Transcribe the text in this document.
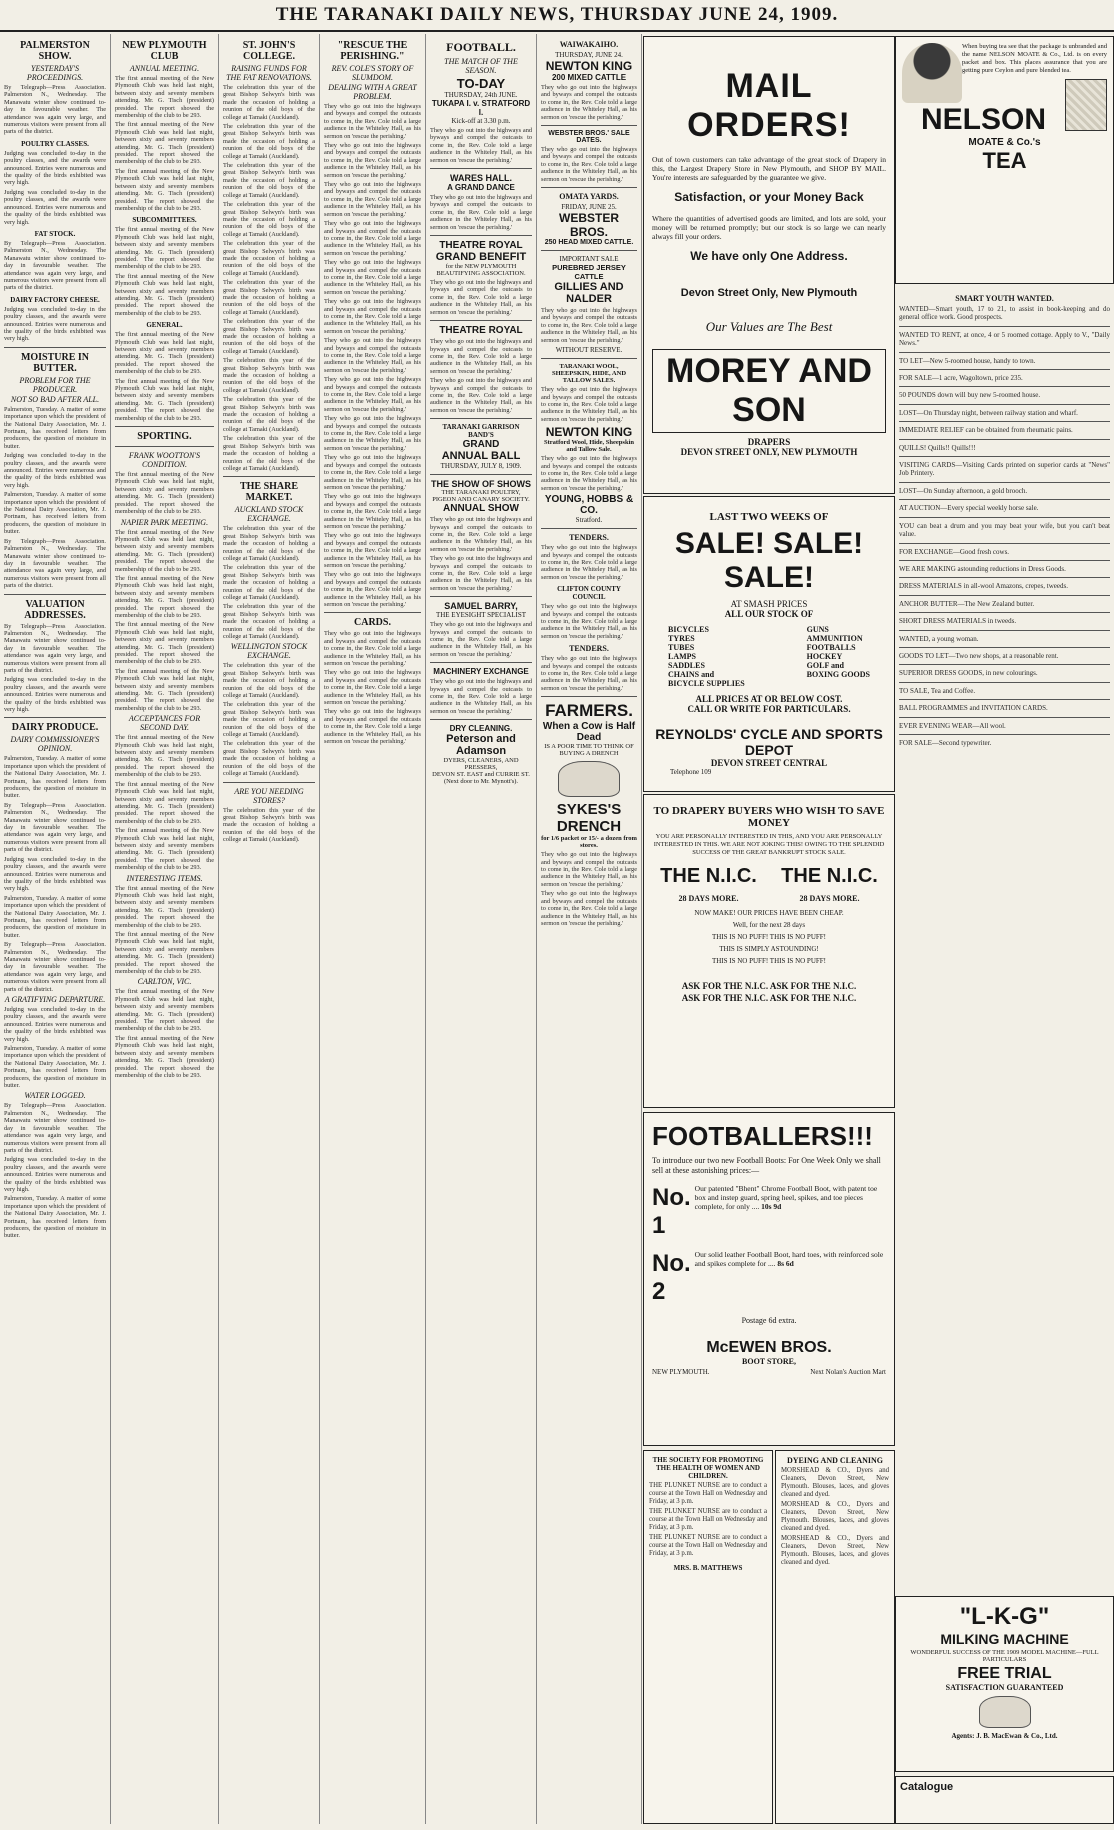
THE TARANAKI DAILY NEWS, THURSDAY JUNE 24, 1909.
PALMERSTON SHOW.
YESTERDAY'S PROCEEDINGS.
By Telegraph—Press Association. Palmerston N., Wednesday. The Manawatu winter show continued to-day in favourable weather. The attendance was again very large, and numerous visitors were present from all parts of the district.
POULTRY CLASSES.
Judging was concluded to-day in the poultry classes, and the awards were announced. Entries were numerous and the quality of the birds exhibited was very high.
Judging was concluded to-day in the poultry classes, and the awards were announced. Entries were numerous and the quality of the birds exhibited was very high.
FAT STOCK.
By Telegraph—Press Association. Palmerston N., Wednesday. The Manawatu winter show continued to-day in favourable weather. The attendance was again very large, and numerous visitors were present from all parts of the district.
DAIRY FACTORY CHEESE.
Judging was concluded to-day in the poultry classes, and the awards were announced. Entries were numerous and the quality of the birds exhibited was very high.
MOISTURE IN BUTTER.
PROBLEM FOR THE PRODUCER.
NOT SO BAD AFTER ALL.
Palmerston, Tuesday. A matter of some importance upon which the president of the National Dairy Association, Mr. J. Portnam, has received letters from producers, the question of moisture in butter.
Judging was concluded to-day in the poultry classes, and the awards were announced. Entries were numerous and the quality of the birds exhibited was very high.
Palmerston, Tuesday. A matter of some importance upon which the president of the National Dairy Association, Mr. J. Portnam, has received letters from producers, the question of moisture in butter.
By Telegraph—Press Association. Palmerston N., Wednesday. The Manawatu winter show continued to-day in favourable weather. The attendance was again very large, and numerous visitors were present from all parts of the district.
VALUATION ADDRESSES.
By Telegraph—Press Association. Palmerston N., Wednesday. The Manawatu winter show continued to-day in favourable weather. The attendance was again very large, and numerous visitors were present from all parts of the district.
Judging was concluded to-day in the poultry classes, and the awards were announced. Entries were numerous and the quality of the birds exhibited was very high.
DAIRY PRODUCE.
DAIRY COMMISSIONER'S OPINION.
Palmerston, Tuesday. A matter of some importance upon which the president of the National Dairy Association, Mr. J. Portnam, has received letters from producers, the question of moisture in butter.
By Telegraph—Press Association. Palmerston N., Wednesday. The Manawatu winter show continued to-day in favourable weather. The attendance was again very large, and numerous visitors were present from all parts of the district.
Judging was concluded to-day in the poultry classes, and the awards were announced. Entries were numerous and the quality of the birds exhibited was very high.
Palmerston, Tuesday. A matter of some importance upon which the president of the National Dairy Association, Mr. J. Portnam, has received letters from producers, the question of moisture in butter.
By Telegraph—Press Association. Palmerston N., Wednesday. The Manawatu winter show continued to-day in favourable weather. The attendance was again very large, and numerous visitors were present from all parts of the district.
A GRATIFYING DEPARTURE.
Judging was concluded to-day in the poultry classes, and the awards were announced. Entries were numerous and the quality of the birds exhibited was very high.
Palmerston, Tuesday. A matter of some importance upon which the president of the National Dairy Association, Mr. J. Portnam, has received letters from producers, the question of moisture in butter.
WATER LOGGED.
By Telegraph—Press Association. Palmerston N., Wednesday. The Manawatu winter show continued to-day in favourable weather. The attendance was again very large, and numerous visitors were present from all parts of the district.
Judging was concluded to-day in the poultry classes, and the awards were announced. Entries were numerous and the quality of the birds exhibited was very high.
Palmerston, Tuesday. A matter of some importance upon which the president of the National Dairy Association, Mr. J. Portnam, has received letters from producers, the question of moisture in butter.
NEW PLYMOUTH CLUB
ANNUAL MEETING.
The first annual meeting of the New Plymouth Club was held last night, between sixty and seventy members attending. Mr. G. Tisch (president) presided. The report showed the membership of the club to be 293.
The first annual meeting of the New Plymouth Club was held last night, between sixty and seventy members attending. Mr. G. Tisch (president) presided. The report showed the membership of the club to be 293.
The first annual meeting of the New Plymouth Club was held last night, between sixty and seventy members attending. Mr. G. Tisch (president) presided. The report showed the membership of the club to be 293.
SUBCOMMITTEES.
The first annual meeting of the New Plymouth Club was held last night, between sixty and seventy members attending. Mr. G. Tisch (president) presided. The report showed the membership of the club to be 293.
The first annual meeting of the New Plymouth Club was held last night, between sixty and seventy members attending. Mr. G. Tisch (president) presided. The report showed the membership of the club to be 293.
GENERAL.
The first annual meeting of the New Plymouth Club was held last night, between sixty and seventy members attending. Mr. G. Tisch (president) presided. The report showed the membership of the club to be 293.
The first annual meeting of the New Plymouth Club was held last night, between sixty and seventy members attending. Mr. G. Tisch (president) presided. The report showed the membership of the club to be 293.
SPORTING.
FRANK WOOTTON'S CONDITION.
The first annual meeting of the New Plymouth Club was held last night, between sixty and seventy members attending. Mr. G. Tisch (president) presided. The report showed the membership of the club to be 293.
NAPIER PARK MEETING.
The first annual meeting of the New Plymouth Club was held last night, between sixty and seventy members attending. Mr. G. Tisch (president) presided. The report showed the membership of the club to be 293.
The first annual meeting of the New Plymouth Club was held last night, between sixty and seventy members attending. Mr. G. Tisch (president) presided. The report showed the membership of the club to be 293.
The first annual meeting of the New Plymouth Club was held last night, between sixty and seventy members attending. Mr. G. Tisch (president) presided. The report showed the membership of the club to be 293.
The first annual meeting of the New Plymouth Club was held last night, between sixty and seventy members attending. Mr. G. Tisch (president) presided. The report showed the membership of the club to be 293.
ACCEPTANCES FOR SECOND DAY.
The first annual meeting of the New Plymouth Club was held last night, between sixty and seventy members attending. Mr. G. Tisch (president) presided. The report showed the membership of the club to be 293.
The first annual meeting of the New Plymouth Club was held last night, between sixty and seventy members attending. Mr. G. Tisch (president) presided. The report showed the membership of the club to be 293.
The first annual meeting of the New Plymouth Club was held last night, between sixty and seventy members attending. Mr. G. Tisch (president) presided. The report showed the membership of the club to be 293.
INTERESTING ITEMS.
The first annual meeting of the New Plymouth Club was held last night, between sixty and seventy members attending. Mr. G. Tisch (president) presided. The report showed the membership of the club to be 293.
The first annual meeting of the New Plymouth Club was held last night, between sixty and seventy members attending. Mr. G. Tisch (president) presided. The report showed the membership of the club to be 293.
CARLTON, VIC.
The first annual meeting of the New Plymouth Club was held last night, between sixty and seventy members attending. Mr. G. Tisch (president) presided. The report showed the membership of the club to be 293.
The first annual meeting of the New Plymouth Club was held last night, between sixty and seventy members attending. Mr. G. Tisch (president) presided. The report showed the membership of the club to be 293.
ST. JOHN'S COLLEGE.
RAISING FUNDS FOR THE FAT RENOVATIONS.
The celebration this year of the great Bishop Selwyn's birth was made the occasion of holding a reunion of the old boys of the college at Tamaki (Auckland).
The celebration this year of the great Bishop Selwyn's birth was made the occasion of holding a reunion of the old boys of the college at Tamaki (Auckland).
The celebration this year of the great Bishop Selwyn's birth was made the occasion of holding a reunion of the old boys of the college at Tamaki (Auckland).
The celebration this year of the great Bishop Selwyn's birth was made the occasion of holding a reunion of the old boys of the college at Tamaki (Auckland).
The celebration this year of the great Bishop Selwyn's birth was made the occasion of holding a reunion of the old boys of the college at Tamaki (Auckland).
The celebration this year of the great Bishop Selwyn's birth was made the occasion of holding a reunion of the old boys of the college at Tamaki (Auckland).
The celebration this year of the great Bishop Selwyn's birth was made the occasion of holding a reunion of the old boys of the college at Tamaki (Auckland).
The celebration this year of the great Bishop Selwyn's birth was made the occasion of holding a reunion of the old boys of the college at Tamaki (Auckland).
The celebration this year of the great Bishop Selwyn's birth was made the occasion of holding a reunion of the old boys of the college at Tamaki (Auckland).
The celebration this year of the great Bishop Selwyn's birth was made the occasion of holding a reunion of the old boys of the college at Tamaki (Auckland).
THE SHARE MARKET.
AUCKLAND STOCK EXCHANGE.
The celebration this year of the great Bishop Selwyn's birth was made the occasion of holding a reunion of the old boys of the college at Tamaki (Auckland).
The celebration this year of the great Bishop Selwyn's birth was made the occasion of holding a reunion of the old boys of the college at Tamaki (Auckland).
The celebration this year of the great Bishop Selwyn's birth was made the occasion of holding a reunion of the old boys of the college at Tamaki (Auckland).
WELLINGTON STOCK EXCHANGE.
The celebration this year of the great Bishop Selwyn's birth was made the occasion of holding a reunion of the old boys of the college at Tamaki (Auckland).
The celebration this year of the great Bishop Selwyn's birth was made the occasion of holding a reunion of the old boys of the college at Tamaki (Auckland).
The celebration this year of the great Bishop Selwyn's birth was made the occasion of holding a reunion of the old boys of the college at Tamaki (Auckland).
ARE YOU NEEDING STORES?
The celebration this year of the great Bishop Selwyn's birth was made the occasion of holding a reunion of the old boys of the college at Tamaki (Auckland).
"RESCUE THE PERISHING."
REV. COLE'S STORY OF SLUMDOM.
DEALING WITH A GREAT PROBLEM.
They who go out into the highways and byways and compel the outcasts to come in, the Rev. Cole told a large audience in the Whiteley Hall, as his sermon on 'rescue the perishing.'
They who go out into the highways and byways and compel the outcasts to come in, the Rev. Cole told a large audience in the Whiteley Hall, as his sermon on 'rescue the perishing.'
They who go out into the highways and byways and compel the outcasts to come in, the Rev. Cole told a large audience in the Whiteley Hall, as his sermon on 'rescue the perishing.'
They who go out into the highways and byways and compel the outcasts to come in, the Rev. Cole told a large audience in the Whiteley Hall, as his sermon on 'rescue the perishing.'
They who go out into the highways and byways and compel the outcasts to come in, the Rev. Cole told a large audience in the Whiteley Hall, as his sermon on 'rescue the perishing.'
They who go out into the highways and byways and compel the outcasts to come in, the Rev. Cole told a large audience in the Whiteley Hall, as his sermon on 'rescue the perishing.'
They who go out into the highways and byways and compel the outcasts to come in, the Rev. Cole told a large audience in the Whiteley Hall, as his sermon on 'rescue the perishing.'
They who go out into the highways and byways and compel the outcasts to come in, the Rev. Cole told a large audience in the Whiteley Hall, as his sermon on 'rescue the perishing.'
They who go out into the highways and byways and compel the outcasts to come in, the Rev. Cole told a large audience in the Whiteley Hall, as his sermon on 'rescue the perishing.'
They who go out into the highways and byways and compel the outcasts to come in, the Rev. Cole told a large audience in the Whiteley Hall, as his sermon on 'rescue the perishing.'
They who go out into the highways and byways and compel the outcasts to come in, the Rev. Cole told a large audience in the Whiteley Hall, as his sermon on 'rescue the perishing.'
They who go out into the highways and byways and compel the outcasts to come in, the Rev. Cole told a large audience in the Whiteley Hall, as his sermon on 'rescue the perishing.'
They who go out into the highways and byways and compel the outcasts to come in, the Rev. Cole told a large audience in the Whiteley Hall, as his sermon on 'rescue the perishing.'
CARDS.
They who go out into the highways and byways and compel the outcasts to come in, the Rev. Cole told a large audience in the Whiteley Hall, as his sermon on 'rescue the perishing.'
They who go out into the highways and byways and compel the outcasts to come in, the Rev. Cole told a large audience in the Whiteley Hall, as his sermon on 'rescue the perishing.'
They who go out into the highways and byways and compel the outcasts to come in, the Rev. Cole told a large audience in the Whiteley Hall, as his sermon on 'rescue the perishing.'
FOOTBALL.
THE MATCH OF THE SEASON.
TO-DAY
THURSDAY, 24th JUNE.
TUKAPA I. v. STRATFORD I.
Kick-off at 3.30 p.m.
They who go out into the highways and byways and compel the outcasts to come in, the Rev. Cole told a large audience in the Whiteley Hall, as his sermon on 'rescue the perishing.'
WARES HALL.
A GRAND DANCE
They who go out into the highways and byways and compel the outcasts to come in, the Rev. Cole told a large audience in the Whiteley Hall, as his sermon on 'rescue the perishing.'
THEATRE ROYAL
GRAND BENEFIT
for the NEW PLYMOUTH BEAUTIFYING ASSOCIATION.
They who go out into the highways and byways and compel the outcasts to come in, the Rev. Cole told a large audience in the Whiteley Hall, as his sermon on 'rescue the perishing.'
THEATRE ROYAL
They who go out into the highways and byways and compel the outcasts to come in, the Rev. Cole told a large audience in the Whiteley Hall, as his sermon on 'rescue the perishing.'
They who go out into the highways and byways and compel the outcasts to come in, the Rev. Cole told a large audience in the Whiteley Hall, as his sermon on 'rescue the perishing.'
TARANAKI GARRISON BAND'S
GRAND
ANNUAL BALL
THURSDAY, JULY 8, 1909.
THE SHOW OF SHOWS
THE TARANAKI POULTRY, PIGEON AND CANARY SOCIETY.
ANNUAL SHOW
They who go out into the highways and byways and compel the outcasts to come in, the Rev. Cole told a large audience in the Whiteley Hall, as his sermon on 'rescue the perishing.'
They who go out into the highways and byways and compel the outcasts to come in, the Rev. Cole told a large audience in the Whiteley Hall, as his sermon on 'rescue the perishing.'
SAMUEL BARRY,
THE EYESIGHT SPECIALIST
They who go out into the highways and byways and compel the outcasts to come in, the Rev. Cole told a large audience in the Whiteley Hall, as his sermon on 'rescue the perishing.'
MACHINERY EXCHANGE
They who go out into the highways and byways and compel the outcasts to come in, the Rev. Cole told a large audience in the Whiteley Hall, as his sermon on 'rescue the perishing.'
DRY CLEANING.
Peterson and Adamson
DYERS, CLEANERS, AND PRESSERS,
DEVON ST. EAST and CURRIE ST. (Next door to Mr. Mynott's).
WAIWAKAIHO.
THURSDAY, JUNE 24.
NEWTON KING
200 MIXED CATTLE
They who go out into the highways and byways and compel the outcasts to come in, the Rev. Cole told a large audience in the Whiteley Hall, as his sermon on 'rescue the perishing.'
WEBSTER BROS.' SALE DATES.
They who go out into the highways and byways and compel the outcasts to come in, the Rev. Cole told a large audience in the Whiteley Hall, as his sermon on 'rescue the perishing.'
OMATA YARDS.
FRIDAY, JUNE 25.
WEBSTER BROS.
250 HEAD MIXED CATTLE.
IMPORTANT SALE
PUREBRED JERSEY CATTLE
GILLIES AND NALDER
They who go out into the highways and byways and compel the outcasts to come in, the Rev. Cole told a large audience in the Whiteley Hall, as his sermon on 'rescue the perishing.'
WITHOUT RESERVE.
TARANAKI WOOL, SHEEPSKIN, HIDE, AND TALLOW SALES.
They who go out into the highways and byways and compel the outcasts to come in, the Rev. Cole told a large audience in the Whiteley Hall, as his sermon on 'rescue the perishing.'
NEWTON KING
Stratford Wool, Hide, Sheepskin and Tallow Sale.
They who go out into the highways and byways and compel the outcasts to come in, the Rev. Cole told a large audience in the Whiteley Hall, as his sermon on 'rescue the perishing.'
YOUNG, HOBBS & CO.
Stratford.
TENDERS.
They who go out into the highways and byways and compel the outcasts to come in, the Rev. Cole told a large audience in the Whiteley Hall, as his sermon on 'rescue the perishing.'
CLIFTON COUNTY COUNCIL
They who go out into the highways and byways and compel the outcasts to come in, the Rev. Cole told a large audience in the Whiteley Hall, as his sermon on 'rescue the perishing.'
TENDERS.
They who go out into the highways and byways and compel the outcasts to come in, the Rev. Cole told a large audience in the Whiteley Hall, as his sermon on 'rescue the perishing.'
FARMERS.
When a Cow is Half Dead
IS A POOR TIME TO THINK OF BUYING A DRENCH
SYKES'S
DRENCH
for 1/6 packet or 15/- a dozen from stores.
They who go out into the highways and byways and compel the outcasts to come in, the Rev. Cole told a large audience in the Whiteley Hall, as his sermon on 'rescue the perishing.'
They who go out into the highways and byways and compel the outcasts to come in, the Rev. Cole told a large audience in the Whiteley Hall, as his sermon on 'rescue the perishing.'
MAIL ORDERS!
Out of town customers can take advantage of the great stock of Drapery in this, the Largest Drapery Store in New Plymouth, and SHOP BY MAIL. You're interests are safeguarded by the guarantee we give.
Satisfaction, or your Money Back
Where the quantities of advertised goods are limited, and lots are sold, your money will be returned promptly; but our stock is so large we can nearly always fill your orders.
We have only One Address.
Devon Street Only, New Plymouth
Our Values are The Best
MOREY AND SON
DRAPERS
DEVON STREET ONLY, NEW PLYMOUTH
When buying tea see that the package is unbranded and the name NELSON MOATE & Co., Ltd. is on every packet and box. This places assurance that you are getting pure Ceylon and pure blended tea.
NELSON
MOATE & Co.'s
TEA
SMART YOUTH WANTED.
WANTED—Smart youth, 17 to 21, to assist in book-keeping and do general office work. Good prospects.
WANTED TO RENT, at once, 4 or 5 roomed cottage. Apply to V., "Daily News."
TO LET—New 5-roomed house, handy to town.
FOR SALE—1 acre, Wagoltown, price 235.
50 POUNDS down will buy new 5-roomed house.
LOST—On Thursday night, between railway station and wharf.
IMMEDIATE RELIEF can be obtained from rheumatic pains.
QUILLS! Quills!! Quills!!!
VISITING CARDS—Visiting Cards printed on superior cards at "News" Job Printery.
LOST—On Sunday afternoon, a gold brooch.
AT AUCTION—Every special weekly horse sale.
YOU can beat a drum and you may beat your wife, but you can't beat value.
FOR EXCHANGE—Good fresh cows.
WE ARE MAKING astounding reductions in Dress Goods.
DRESS MATERIALS in all-wool Amazons, crepes, tweeds.
ANCHOR BUTTER—The New Zealand butter.
SHORT DRESS MATERIALS in tweeds.
WANTED, a young woman.
GOODS TO LET—Two new shops, at a reasonable rent.
SUPERIOR DRESS GOODS, in new colourings.
TO SALE, Tea and Coffee.
BALL PROGRAMMES and INVITATION CARDS.
EVER EVENING WEAR—All wool.
FOR SALE—Second typewriter.
LAST TWO WEEKS OF
SALE! SALE! SALE!
AT SMASH PRICES
ALL OUR STOCK OF
BICYCLES
TYRES
TUBES
LAMPS
SADDLES
CHAINS and
BICYCLE SUPPLIES
GUNS
AMMUNITION
FOOTBALLS
HOCKEY
GOLF and
BOXING GOODS
ALL PRICES AT OR BELOW COST.
CALL OR WRITE FOR PARTICULARS.
REYNOLDS' CYCLE AND SPORTS DEPOT
DEVON STREET CENTRAL
Telephone 109
TO DRAPERY BUYERS WHO WISH TO SAVE MONEY
YOU ARE PERSONALLY INTERESTED IN THIS, AND YOU ARE PERSONALLY INTERESTED IN THIS. WE ARE NOT JOKING THIS! OWING TO THE SPLENDID SUCCESS OF THE GREAT BANKRUPT STOCK SALE.
THE N.I.C. THE N.I.C.
28 DAYS MORE.	28 DAYS MORE.
NOW MAKE! OUR PRICES HAVE BEEN CHEAP.
Well, for the next 28 days
THIS IS NO PUFF! THIS IS NO PUFF!
THIS IS SIMPLY ASTOUNDING!
THIS IS NO PUFF! THIS IS NO PUFF!
ASK FOR THE N.I.C. ASK FOR THE N.I.C.
ASK FOR THE N.I.C. ASK FOR THE N.I.C.
FOOTBALLERS!!!
To introduce our two new Football Boots: For One Week Only we shall sell at these astonishing prices:—
No. 1
Our patented "Bhent" Chrome Football Boot, with patent toe box and instep guard, spring heel, spikes, and toe pieces complete, for only .... 10s 9d
No. 2
Our solid leather Football Boot, hard toes, with reinforced sole and spikes complete for .... 8s 6d
Postage 6d extra.
McEWEN BROS.
BOOT STORE,
NEW PLYMOUTH.	Next Nolan's Auction Mart
THE SOCIETY FOR PROMOTING THE HEALTH OF WOMEN AND CHILDREN.
THE PLUNKET NURSE are to conduct a course at the Town Hall on Wednesday and Friday, at 3 p.m.
THE PLUNKET NURSE are to conduct a course at the Town Hall on Wednesday and Friday, at 3 p.m.
THE PLUNKET NURSE are to conduct a course at the Town Hall on Wednesday and Friday, at 3 p.m.
MRS. B. MATTHEWS
DYEING AND CLEANING
MORSHEAD & CO., Dyers and Cleaners, Devon Street, New Plymouth. Blouses, laces, and gloves cleaned and dyed.
MORSHEAD & CO., Dyers and Cleaners, Devon Street, New Plymouth. Blouses, laces, and gloves cleaned and dyed.
MORSHEAD & CO., Dyers and Cleaners, Devon Street, New Plymouth. Blouses, laces, and gloves cleaned and dyed.
"L-K-G"
MILKING MACHINE
WONDERFUL SUCCESS OF THE 1909 MODEL MACHINE—FULL PARTICULARS
FREE TRIAL
SATISFACTION GUARANTEED
Agents: J. B. MacEwan & Co., Ltd.
Catalogue
